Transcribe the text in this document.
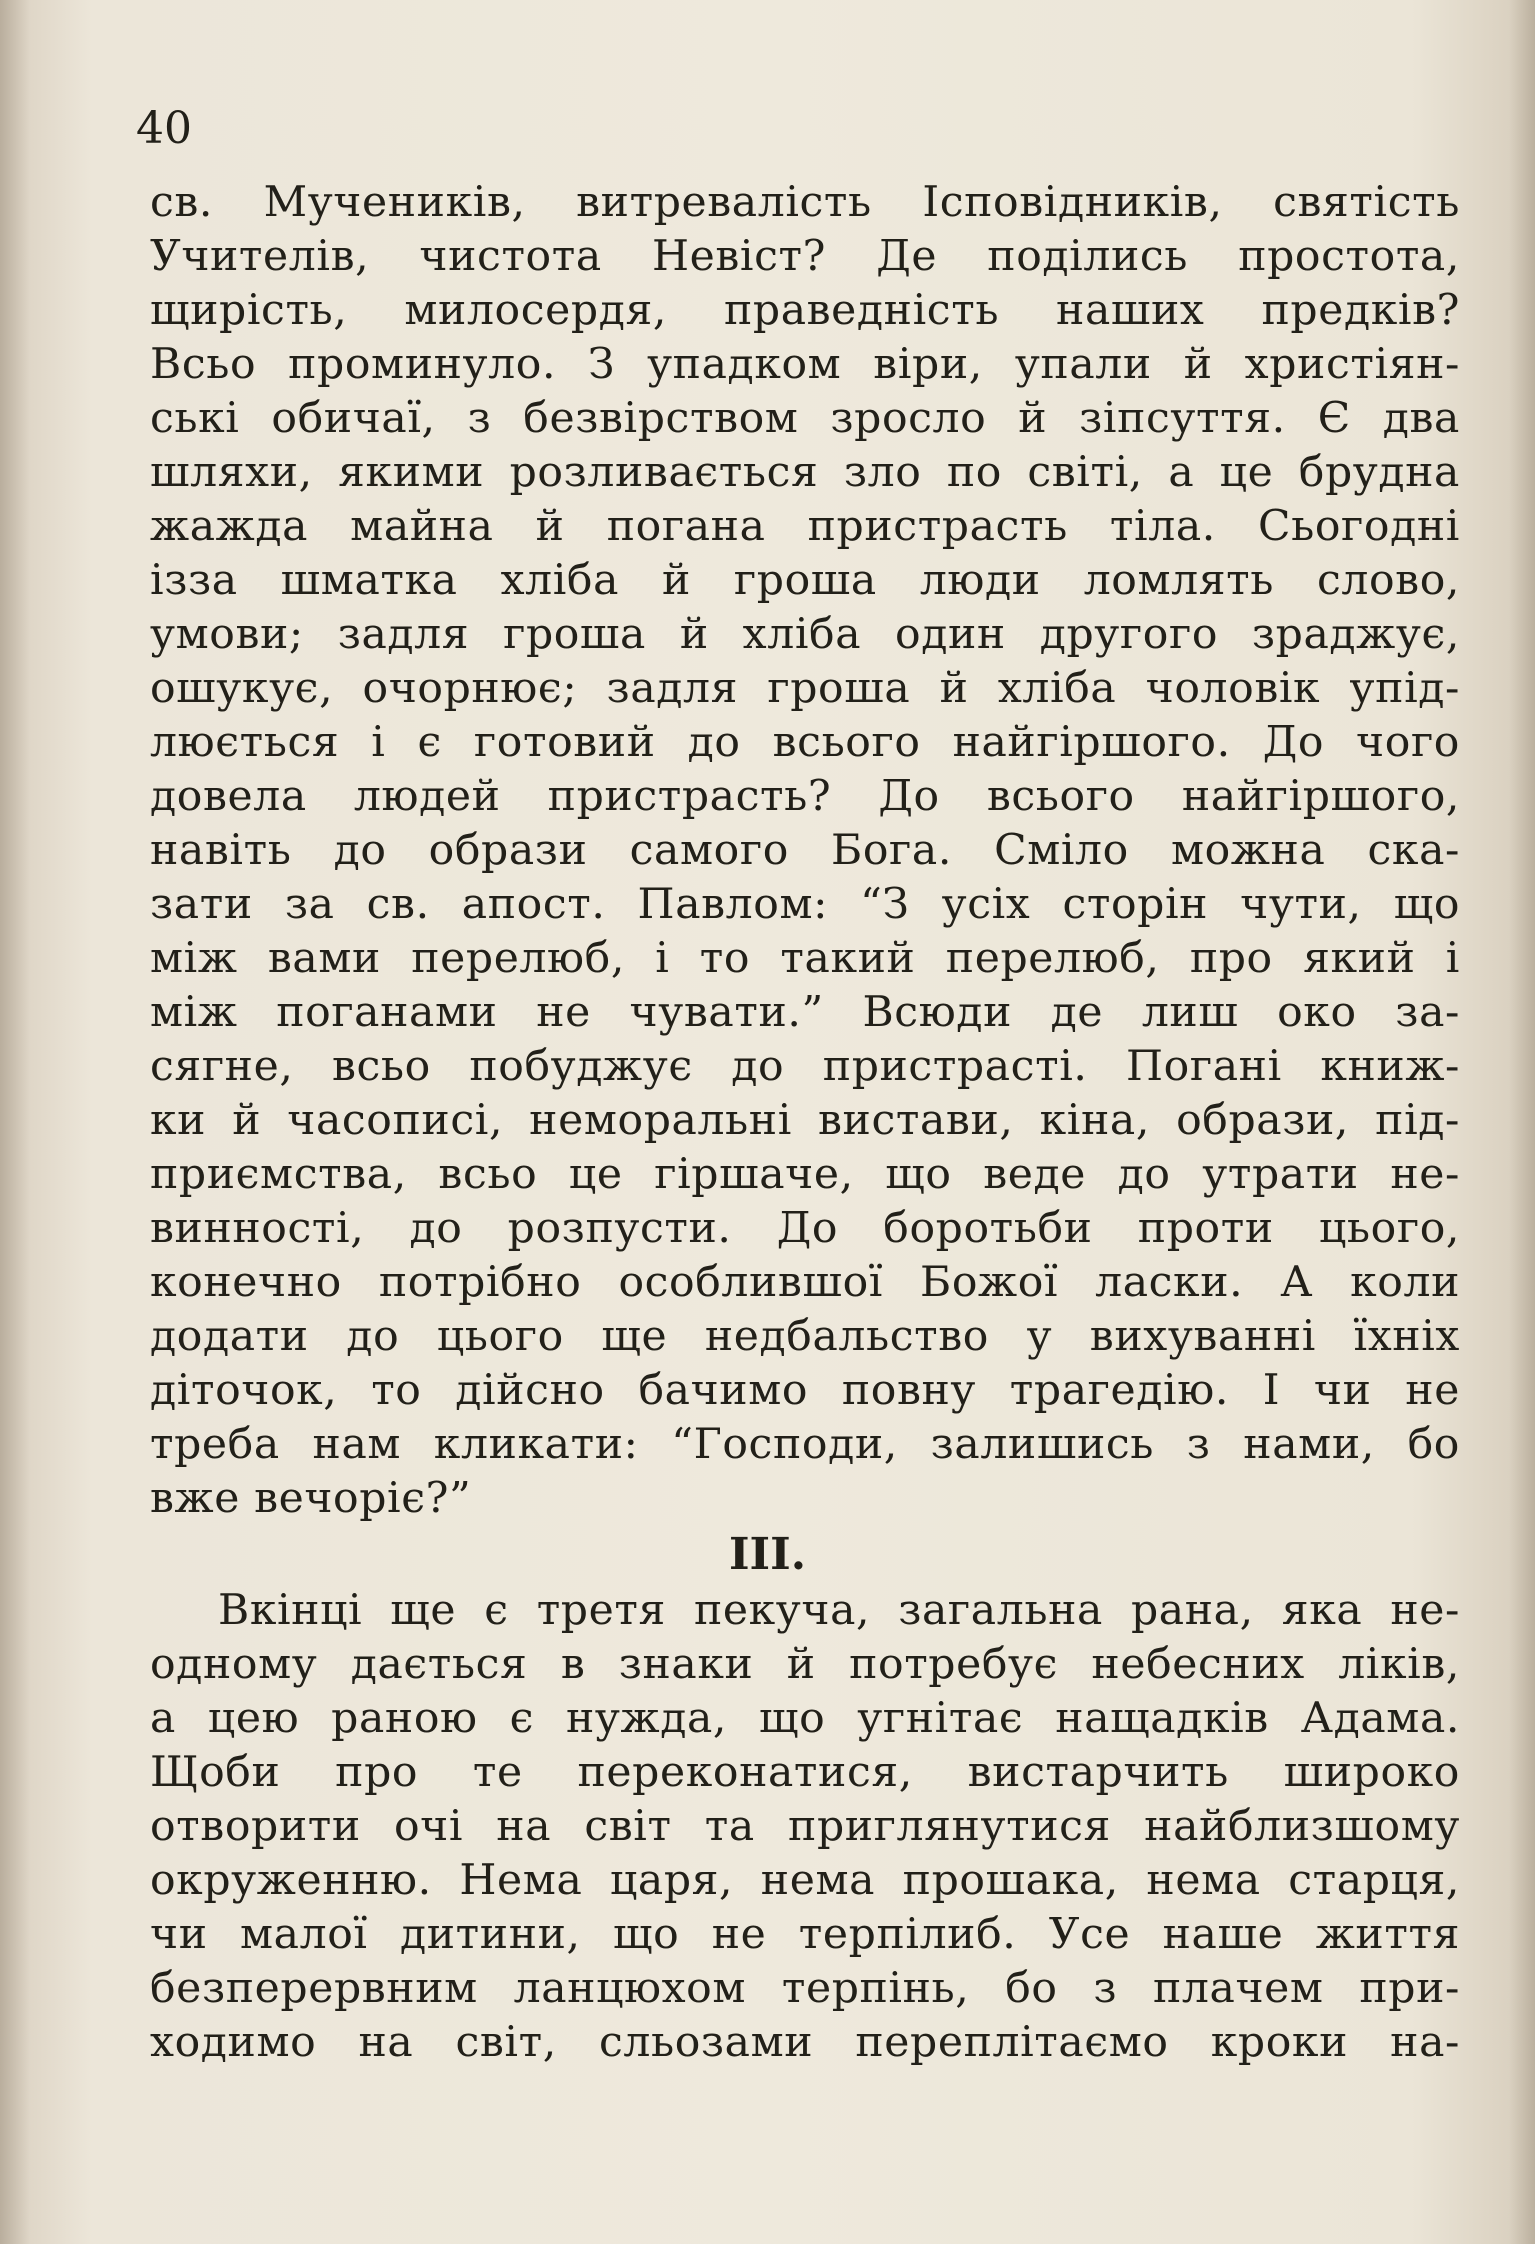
40
св. Мучеників, витревалість Ісповідників, святість
Учителів, чистота Невіст? Де поділись простота,
щирість, милосердя, праведність наших предків?
Всьо проминуло. З упадком віри, упали й христіян-
ські обичаї, з безвірством зросло й зіпсуття. Є два
шляхи, якими розливається зло по світі, а це брудна
жажда майна й погана пристрасть тіла. Сьогодні
ізза шматка хліба й гроша люди ломлять слово,
умови; задля гроша й хліба один другого зраджує,
ошукує, очорнює; задля гроша й хліба чоловік упід-
люється і є готовий до всього найгіршого. До чого
довела людей пристрасть? До всього найгіршого,
навіть до образи самого Бога. Сміло можна ска-
зати за св. апост. Павлом: “З усіх сторін чути, що
між вами перелюб, і то такий перелюб, про який і
між поганами не чувати.” Всюди де лиш око за-
сягне, всьо побуджує до пристрасті. Погані книж-
ки й часописі, неморальні вистави, кіна, образи, під-
приємства, всьо це гіршаче, що веде до утрати не-
винності, до розпусти. До боротьби проти цього,
конечно потрібно особлившої Божої ласки. А коли
додати до цього ще недбальство у вихуванні їхніх
діточок, то дійсно бачимо повну трагедію. І чи не
треба нам кликати: “Господи, залишись з нами, бо
вже вечоріє?”
III.
Вкінці ще є третя пекуча, загальна рана, яка не-
одному дається в знаки й потребує небесних ліків,
а цею раною є нужда, що угнітає нащадків Адама.
Щоби про те переконатися, вистарчить широко
отворити очі на світ та приглянутися найблизшому
окруженню. Нема царя, нема прошака, нема старця,
чи малої дитини, що не терпілиб. Усе наше життя
безперервним ланцюхом терпінь, бо з плачем при-
ходимо на світ, сльозами переплітаємо кроки на-
